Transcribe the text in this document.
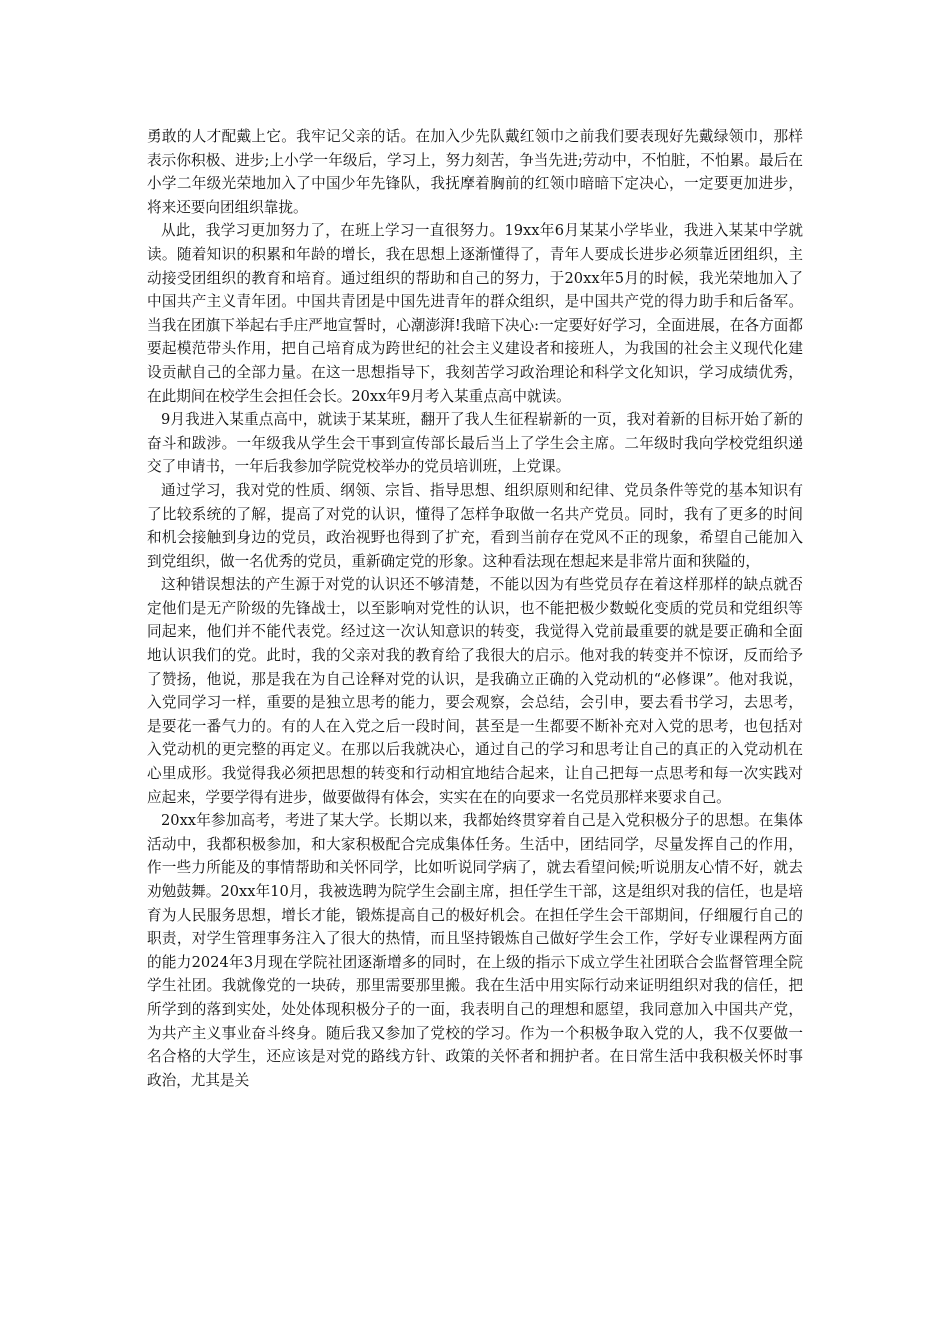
勇敢的人才配戴上它。我牢记父亲的话。在加入少先队戴红领巾之前我们要表现好先戴绿领巾，那样表示你积极、进步;上小学一年级后，学习上，努力刻苦，争当先进;劳动中，不怕脏，不怕累。最后在小学二年级光荣地加入了中国少年先锋队，我抚摩着胸前的红领巾暗暗下定决心，一定要更加进步，将来还要向团组织靠拢。

从此，我学习更加努力了，在班上学习一直很努力。19xx年6月某某小学毕业，我进入某某中学就读。随着知识的积累和年龄的增长，我在思想上逐渐懂得了，青年人要成长进步必须靠近团组织，主动接受团组织的教育和培育。通过组织的帮助和自己的努力，于20xx年5月的时候，我光荣地加入了中国共产主义青年团。中国共青团是中国先进青年的群众组织，是中国共产党的得力助手和后备军。当我在团旗下举起右手庄严地宣誓时，心潮澎湃!我暗下决心:一定要好好学习，全面进展，在各方面都要起模范带头作用，把自己培育成为跨世纪的社会主义建设者和接班人，为我国的社会主义现代化建设贡献自己的全部力量。在这一思想指导下，我刻苦学习政治理论和科学文化知识，学习成绩优秀，在此期间在校学生会担任会长。20xx年9月考入某重点高中就读。

9月我进入某重点高中，就读于某某班，翻开了我人生征程崭新的一页，我对着新的目标开始了新的奋斗和跋涉。一年级我从学生会干事到宣传部长最后当上了学生会主席。二年级时我向学校党组织递交了申请书，一年后我参加学院党校举办的党员培训班，上党课。

通过学习，我对党的性质、纲领、宗旨、指导思想、组织原则和纪律、党员条件等党的基本知识有了比较系统的了解，提高了对党的认识，懂得了怎样争取做一名共产党员。同时，我有了更多的时间和机会接触到身边的党员，政治视野也得到了扩充，看到当前存在党风不正的现象，希望自己能加入到党组织，做一名优秀的党员，重新确定党的形象。这种看法现在想起来是非常片面和狭隘的，

这种错误想法的产生源于对党的认识还不够清楚，不能以因为有些党员存在着这样那样的缺点就否定他们是无产阶级的先锋战士，以至影响对党性的认识，也不能把极少数蜕化变质的党员和党组织等同起来，他们并不能代表党。经过这一次认知意识的转变，我觉得入党前最重要的就是要正确和全面地认识我们的党。此时，我的父亲对我的教育给了我很大的启示。他对我的转变并不惊讶，反而给予了赞扬，他说，那是我在为自己诠释对党的认识，是我确立正确的入党动机的“必修课”。他对我说，入党同学习一样，重要的是独立思考的能力，要会观察，会总结，会引申，要去看书学习，去思考，是要花一番气力的。有的人在入党之后一段时间，甚至是一生都要不断补充对入党的思考，也包括对入党动机的更完整的再定义。在那以后我就决心，通过自己的学习和思考让自己的真正的入党动机在心里成形。我觉得我必须把思想的转变和行动相宜地结合起来，让自己把每一点思考和每一次实践对应起来，学要学得有进步，做要做得有体会，实实在在的向要求一名党员那样来要求自己。

20xx年参加高考，考进了某大学。长期以来，我都始终贯穿着自己是入党积极分子的思想。在集体活动中，我都积极参加，和大家积极配合完成集体任务。生活中，团结同学，尽量发挥自己的作用，作一些力所能及的事情帮助和关怀同学，比如听说同学病了，就去看望问候;听说朋友心情不好，就去劝勉鼓舞。20xx年10月，我被选聘为院学生会副主席，担任学生干部，这是组织对我的信任，也是培育为人民服务思想，增长才能，锻炼提高自己的极好机会。在担任学生会干部期间，仔细履行自己的职责，对学生管理事务注入了很大的热情，而且坚持锻炼自己做好学生会工作，学好专业课程两方面的能力2024年3月现在学院社团逐渐增多的同时，在上级的指示下成立学生社团联合会监督管理全院学生社团。我就像党的一块砖，那里需要那里搬。我在生活中用实际行动来证明组织对我的信任，把所学到的落到实处，处处体现积极分子的一面，我表明自己的理想和愿望，我同意加入中国共产党，为共产主义事业奋斗终身。随后我又参加了党校的学习。作为一个积极争取入党的人，我不仅要做一名合格的大学生，还应该是对党的路线方针、政策的关怀者和拥护者。在日常生活中我积极关怀时事政治，尤其是关
